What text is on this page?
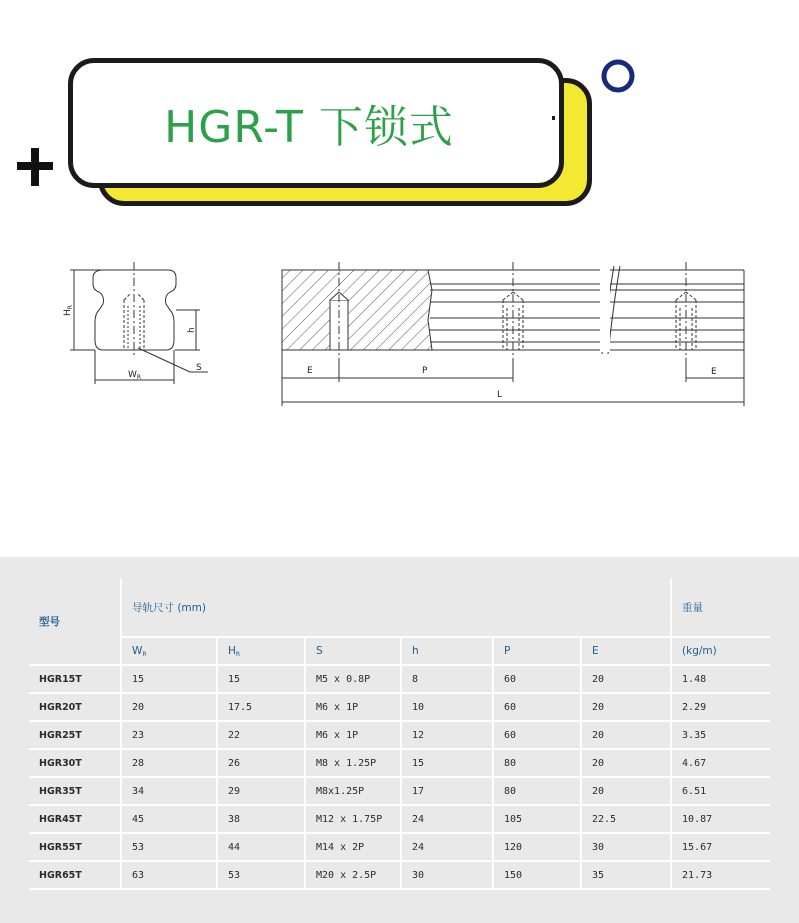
HGR-T 下锁式
$H_R$
h
$W_R$
S	E	P	E
L
型号	导轨尺寸 (mm)						重量
	$W_R$	$H_R$	S	h	P	E	(kg/m)
HGR15T	15	15	M5 x 0.8P	8	60	20	1.48
HGR20T	20	17.5	M6 x 1P	10	60	20	2.29
HGR25T	23	22	M6 x 1P	12	60	20	3.35
HGR30T	28	26	M8 x 1.25P	15	80	20	4.67
HGR35T	34	29	M8x1.25P	17	80	20	6.51
HGR45T	45	38	M12 x 1.75P	24	105	22.5	10.87
HGR55T	53	44	M14 x 2P	24	120	30	15.67
HGR65T	63	53	M20 x 2.5P	30	150	35	21.73
